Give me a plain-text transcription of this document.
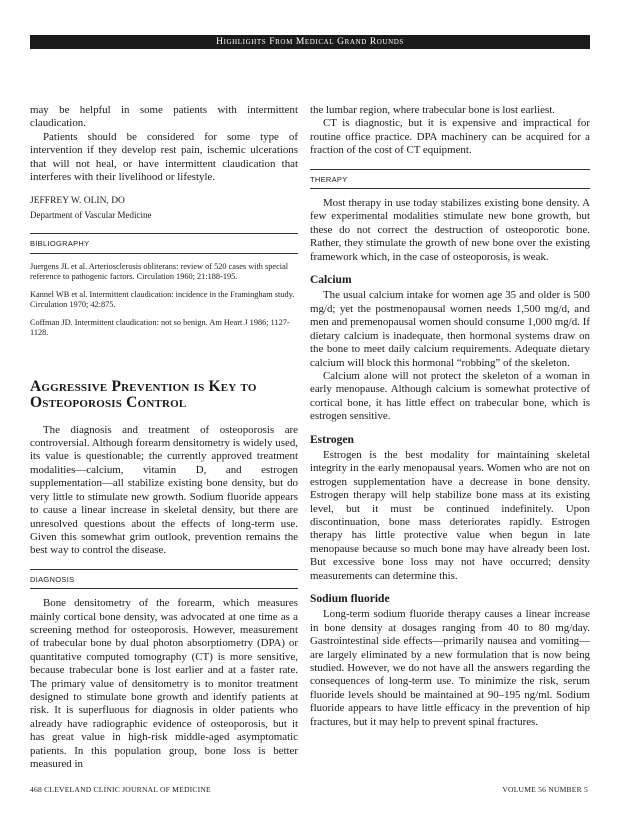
Highlights From Medical Grand Rounds

may be helpful in some patients with intermittent claudication.

Patients should be considered for some type of intervention if they develop rest pain, ischemic ulcerations that will not heal, or have intermittent claudication that interferes with their livelihood or lifestyle.

JEFFREY W. OLIN, DO
Department of Vascular Medicine
BIBLIOGRAPHY

Juergens JL et al. Arteriosclerosis obliterans: review of 520 cases with special reference to pathogenic factors. Circulation 1960; 21:188-195.

Kannel WB et al. Intermittent claudication: incidence in the Framingham study. Circulation 1970; 42:875.

Coffman JD. Intermittent claudication: not so benign. Am Heart J 1986; 1127-1128.

Aggressive Prevention is Key to Osteoporosis Control

The diagnosis and treatment of osteoporosis are controversial. Although forearm densitometry is widely used, its value is questionable; the currently approved treatment modalities—calcium, vitamin D, and estrogen supplementation—all stabilize existing bone density, but do very little to stimulate new growth. Sodium fluoride appears to cause a linear increase in skeletal density, but there are unresolved questions about the effects of long-term use. Given this somewhat grim outlook, prevention remains the best way to control the disease.

DIAGNOSIS

Bone densitometry of the forearm, which measures mainly cortical bone density, was advocated at one time as a screening method for osteoporosis. However, measurement of trabecular bone by dual photon absorptiometry (DPA) or quantitative computed tomography (CT) is more sensitive, because trabecular bone is lost earlier and at a faster rate. The primary value of densitometry is to monitor treatment designed to stimulate bone growth and identify patients at risk. It is superfluous for diagnosis in older patients who already have radiographic evidence of osteoporosis, but it has great value in high-risk middle-aged asymptomatic patients. In this population group, bone loss is better measured in

the lumbar region, where trabecular bone is lost earliest.

CT is diagnostic, but it is expensive and impractical for routine office practice. DPA machinery can be acquired for a fraction of the cost of CT equipment.

THERAPY

Most therapy in use today stabilizes existing bone density. A few experimental modalities stimulate new bone growth, but these do not correct the destruction of osteoporotic bone. Rather, they stimulate the growth of new bone over the existing framework which, in the case of osteoporosis, is weak.

Calcium

The usual calcium intake for women age 35 and older is 500 mg/d; yet the postmenopausal women needs 1,500 mg/d, and men and premenopausal women should consume 1,000 mg/d. If dietary calcium is inadequate, then hormonal systems draw on the bone to meet daily calcium requirements. Adequate dietary calcium will block this hormonal “robbing” of the skeleton.

Calcium alone will not protect the skeleton of a woman in early menopause. Although calcium is somewhat protective of cortical bone, it has little effect on trabecular bone, which is estrogen sensitive.

Estrogen

Estrogen is the best modality for maintaining skeletal integrity in the early menopausal years. Women who are not on estrogen supplementation have a decrease in bone density. Estrogen therapy will help stabilize bone mass at its existing level, but it must be continued indefinitely. Upon discontinuation, bone mass deteriorates rapidly. Estrogen therapy has little protective value when begun in late menopause because so much bone may have already been lost. But excessive bone loss may not have occurred; density measurements can determine this.

Sodium fluoride

Long-term sodium fluoride therapy causes a linear increase in bone density at dosages ranging from 40 to 80 mg/day. Gastrointestinal side effects—primarily nausea and vomiting—are largely eliminated by a new formulation that is now being studied. However, we do not have all the answers regarding the consequences of long-term use. To minimize the risk, serum fluoride levels should be maintained at 90–195 ng/ml. Sodium fluoride appears to have little efficacy in the prevention of hip fractures, but it may help to prevent spinal fractures.

468 CLEVELAND CLINIC JOURNAL OF MEDICINE	VOLUME 56 NUMBER 5
